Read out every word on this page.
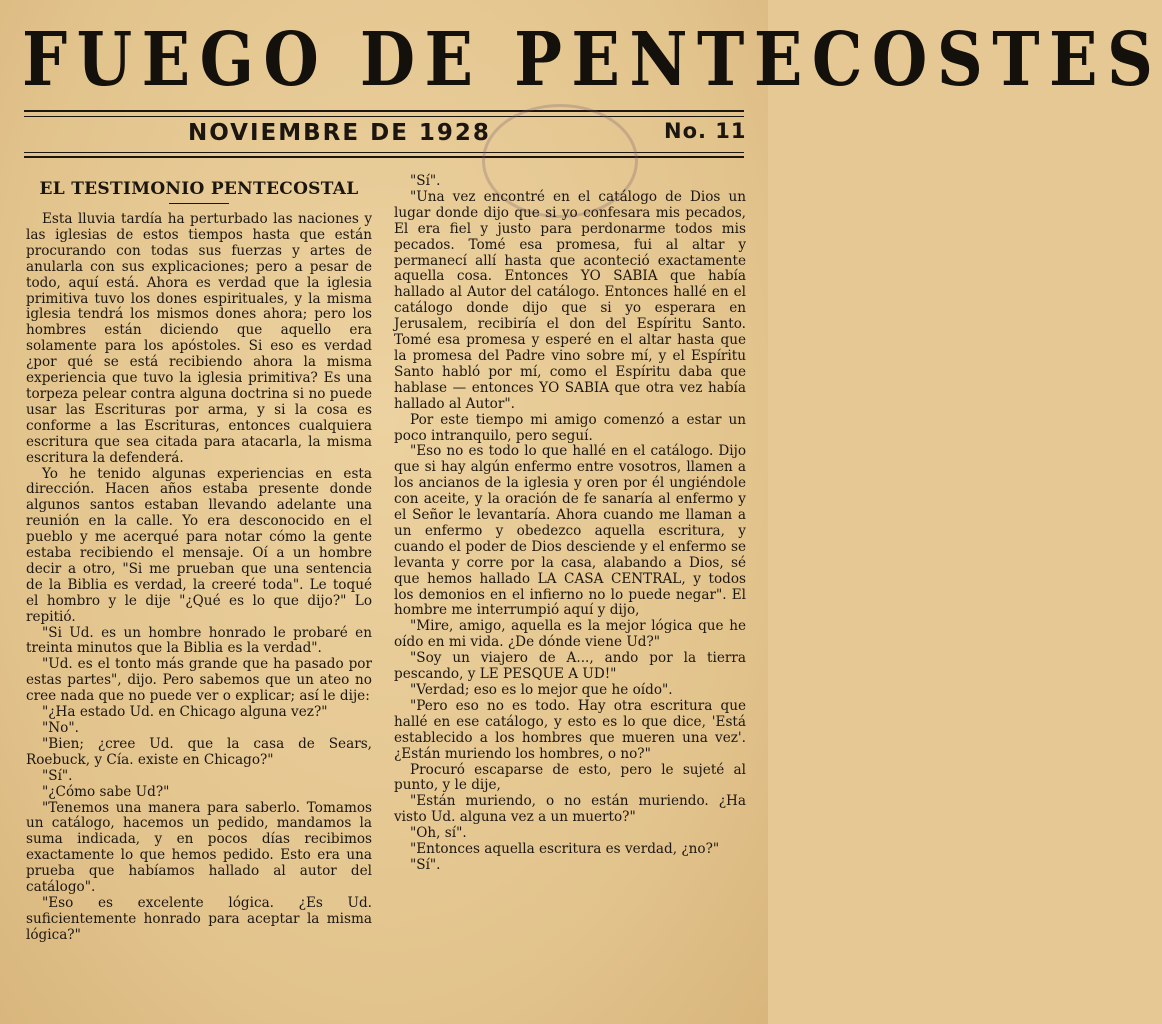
FUEGO DE PENTECOSTES
NOVIEMBRE DE 1928	No. 11
EL TESTIMONIO PENTECOSTAL

Esta lluvia tardía ha perturbado las naciones y las iglesias de estos tiempos hasta que están procurando con todas sus fuerzas y artes de anularla con sus explicaciones; pero a pesar de todo, aquí está. Ahora es verdad que la iglesia primitiva tuvo los dones espirituales, y la misma iglesia tendrá los mismos dones ahora; pero los hombres están diciendo que aquello era solamente para los apóstoles. Si eso es verdad ¿por qué se está recibiendo ahora la misma experiencia que tuvo la iglesia primitiva? Es una torpeza pelear contra alguna doctrina si no puede usar las Escrituras por arma, y si la cosa es conforme a las Escrituras, entonces cualquiera escritura que sea citada para atacarla, la misma escritura la defenderá.

Yo he tenido algunas experiencias en esta dirección. Hacen años estaba presente donde algunos santos estaban llevando adelante una reunión en la calle. Yo era desconocido en el pueblo y me acerqué para notar cómo la gente estaba recibiendo el mensaje. Oí a un hombre decir a otro, "Si me prueban que una sentencia de la Biblia es verdad, la creeré toda". Le toqué el hombro y le dije "¿Qué es lo que dijo?" Lo repitió.

"Si Ud. es un hombre honrado le probaré en treinta minutos que la Biblia es la verdad".

"Ud. es el tonto más grande que ha pasado por estas partes", dijo. Pero sabemos que un ateo no cree nada que no puede ver o explicar; así le dije:

"¿Ha estado Ud. en Chicago alguna vez?"

"No".

"Bien; ¿cree Ud. que la casa de Sears, Roebuck, y Cía. existe en Chicago?"

"Sí".

"¿Cómo sabe Ud?"

"Tenemos una manera para saberlo. Tomamos un catálogo, hacemos un pedido, mandamos la suma indicada, y en pocos días recibimos exactamente lo que hemos pedido. Esto era una prueba que habíamos hallado al autor del catálogo".

"Eso es excelente lógica. ¿Es Ud. suficientemente honrado para aceptar la misma lógica?"

"Sí".

"Una vez encontré en el catálogo de Dios un lugar donde dijo que si yo confesara mis pecados, El era fiel y justo para perdonarme todos mis pecados. Tomé esa promesa, fui al altar y permanecí allí hasta que aconteció exactamente aquella cosa. Entonces YO SABIA que había hallado al Autor del catálogo. Entonces hallé en el catálogo donde dijo que si yo esperara en Jerusalem, recibiría el don del Espíritu Santo. Tomé esa promesa y esperé en el altar hasta que la promesa del Padre vino sobre mí, y el Espíritu Santo habló por mí, como el Espíritu daba que hablase — entonces YO SABIA que otra vez había hallado al Autor".

Por este tiempo mi amigo comenzó a estar un poco intranquilo, pero seguí.

"Eso no es todo lo que hallé en el catálogo. Dijo que si hay algún enfermo entre vosotros, llamen a los ancianos de la iglesia y oren por él ungiéndole con aceite, y la oración de fe sanaría al enfermo y el Señor le levantaría. Ahora cuando me llaman a un enfermo y obedezco aquella escritura, y cuando el poder de Dios desciende y el enfermo se levanta y corre por la casa, alabando a Dios, sé que hemos hallado LA CASA CENTRAL, y todos los demonios en el infierno no lo puede negar". El hombre me interrumpió aquí y dijo,

"Mire, amigo, aquella es la mejor lógica que he oído en mi vida. ¿De dónde viene Ud?"

"Soy un viajero de A..., ando por la tierra pescando, y LE PESQUE A UD!"

"Verdad; eso es lo mejor que he oído".

"Pero eso no es todo. Hay otra escritura que hallé en ese catálogo, y esto es lo que dice, 'Está establecido a los hombres que mueren una vez'. ¿Están muriendo los hombres, o no?"

Procuró escaparse de esto, pero le sujeté al punto, y le dije,

"Están muriendo, o no están muriendo. ¿Ha visto Ud. alguna vez a un muerto?"

"Oh, sí".

"Entonces aquella escritura es verdad, ¿no?"

"Sí".
